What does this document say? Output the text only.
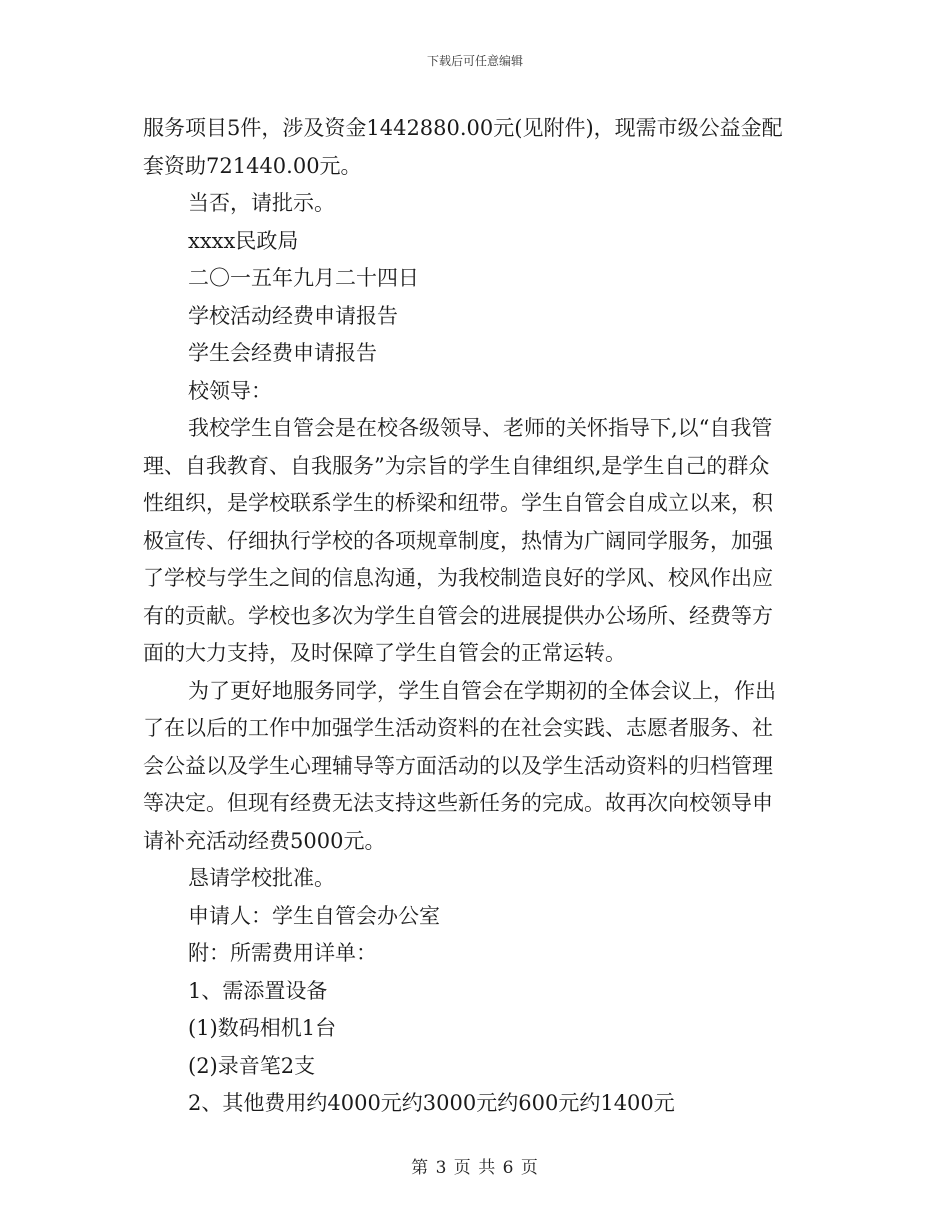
下载后可任意编辑
服务项目5件，涉及资金1442880.00元(见附件)，现需市级公益金配
套资助721440.00元。
当否，请批示。
xxxx民政局
二〇一五年九月二十四日
学校活动经费申请报告
学生会经费申请报告
校领导：
我校学生自管会是在校各级领导、老师的关怀指导下,以“自我管
理、自我教育、自我服务”为宗旨的学生自律组织,是学生自己的群众
性组织，是学校联系学生的桥梁和纽带。学生自管会自成立以来，积
极宣传、仔细执行学校的各项规章制度，热情为广阔同学服务，加强
了学校与学生之间的信息沟通，为我校制造良好的学风、校风作出应
有的贡献。学校也多次为学生自管会的进展提供办公场所、经费等方
面的大力支持，及时保障了学生自管会的正常运转。
为了更好地服务同学，学生自管会在学期初的全体会议上，作出
了在以后的工作中加强学生活动资料的在社会实践、志愿者服务、社
会公益以及学生心理辅导等方面活动的以及学生活动资料的归档管理
等决定。但现有经费无法支持这些新任务的完成。故再次向校领导申
请补充活动经费5000元。
恳请学校批准。
申请人：学生自管会办公室
附：所需费用详单：
1、需添置设备
(1)数码相机1台
(2)录音笔2支
2、其他费用约4000元约3000元约600元约1400元
第 3 页 共 6 页
